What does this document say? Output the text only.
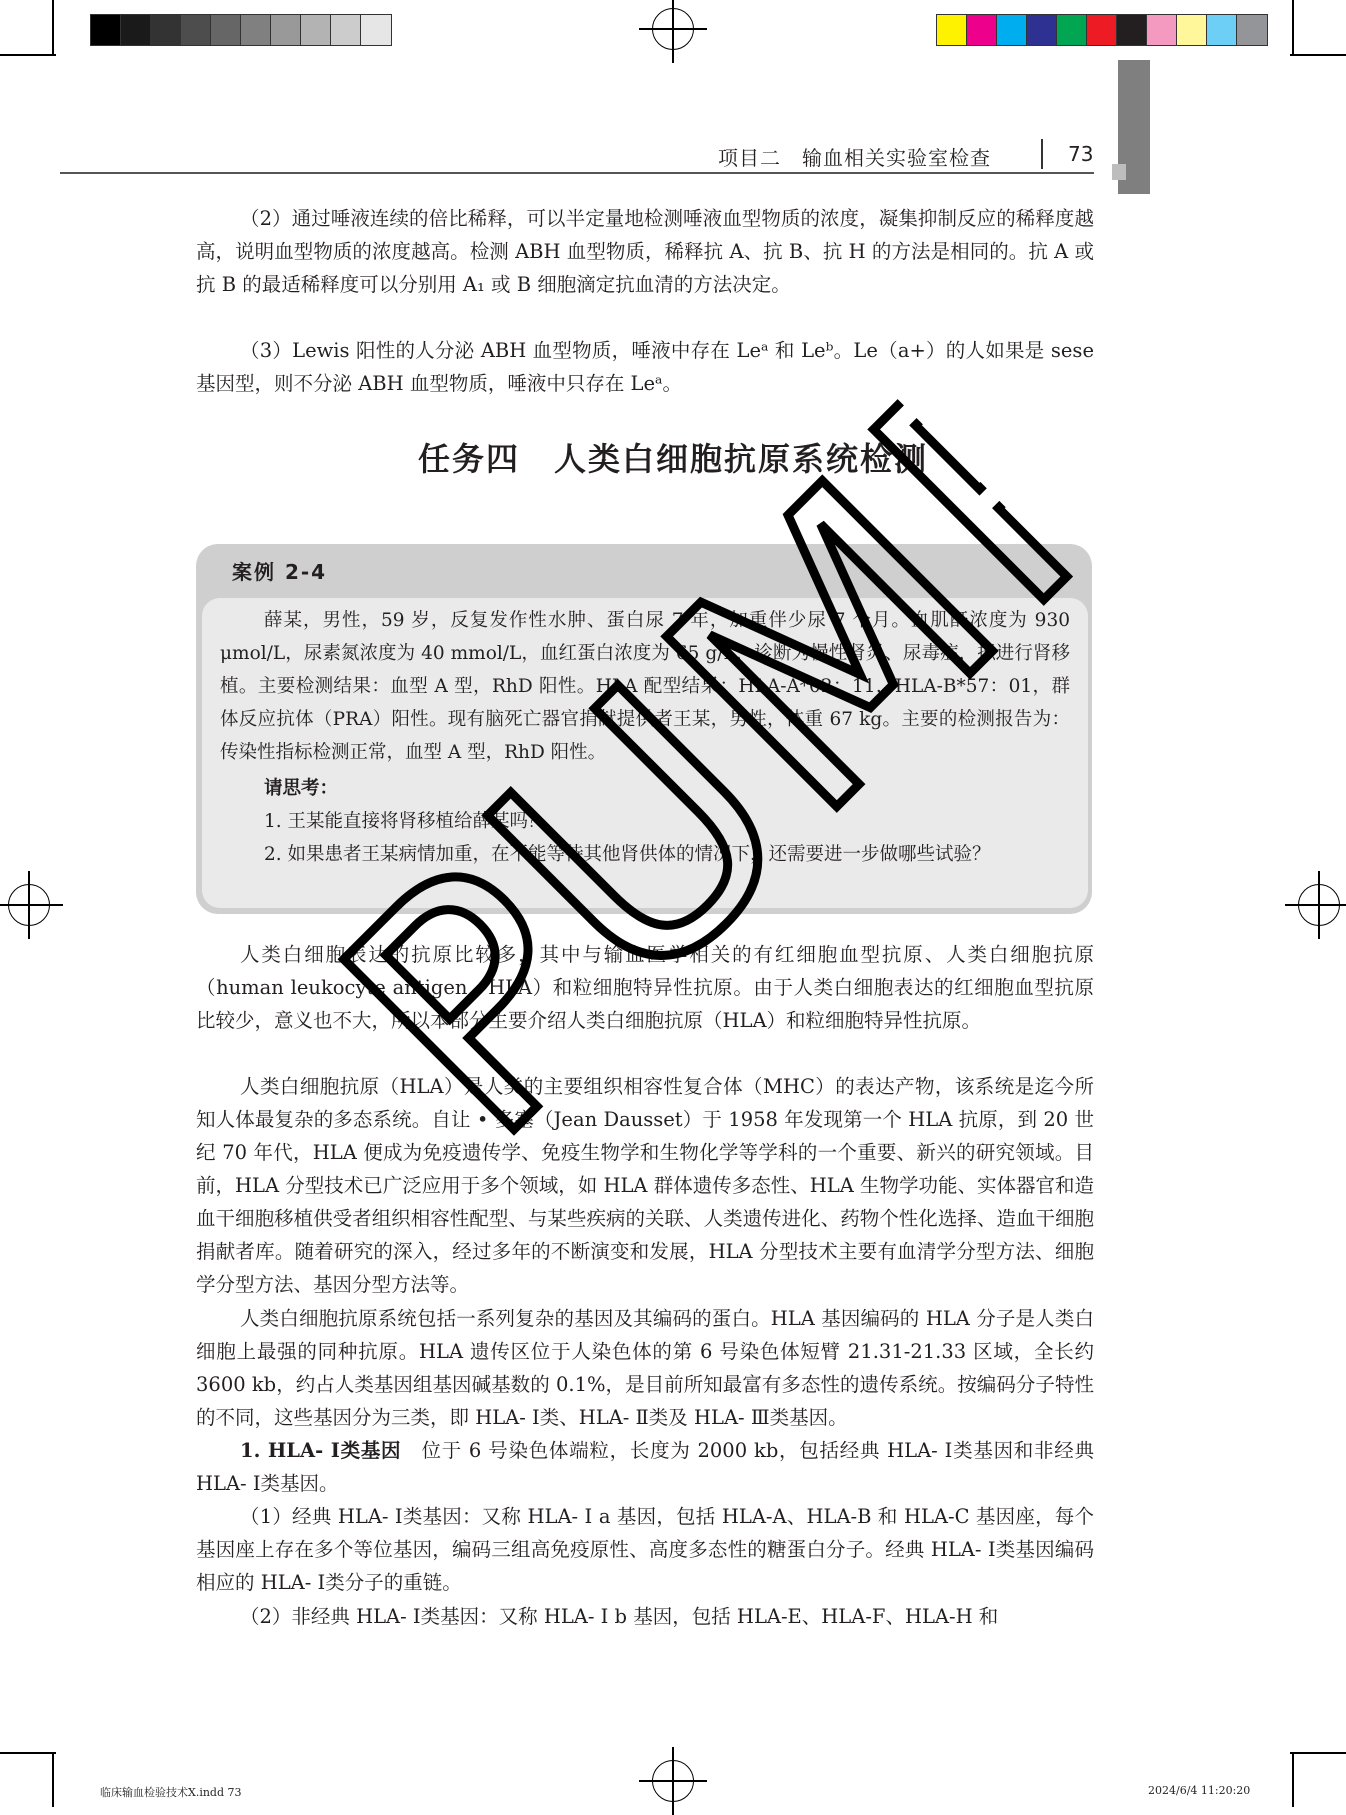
项目二　输血相关实验室检查	73
（2）通过唾液连续的倍比稀释，可以半定量地检测唾液血型物质的浓度，凝集抑制反应的稀释度越高，说明血型物质的浓度越高。检测 ABH 血型物质，稀释抗 A、抗 B、抗 H 的方法是相同的。抗 A 或抗 B 的最适稀释度可以分别用 A₁ 或 B 细胞滴定抗血清的方法决定。
（3）Lewis 阳性的人分泌 ABH 血型物质，唾液中存在 Leᵃ 和 Leᵇ。Le（a+）的人如果是 sese 基因型，则不分泌 ABH 血型物质，唾液中只存在 Leᵃ。
任务四　人类白细胞抗原系统检测
案例 2-4
薛某，男性，59 岁，反复发作性水肿、蛋白尿 7 年，加重伴少尿 7 个月。血肌酐浓度为 930 μmol/L，尿素氮浓度为 40 mmol/L，血红蛋白浓度为 65 g/L，诊断为慢性肾炎、尿毒症，拟进行肾移植。主要检测结果：血型 A 型，RhD 阳性。HLA 配型结果：HLA-A*02：11，HLA-B*57：01，群体反应抗体（PRA）阳性。现有脑死亡器官捐献提供者王某，男性，体重 67 kg。主要的检测报告为：传染性指标检测正常，血型 A 型，RhD 阳性。
请思考：
1. 王某能直接将肾移植给薛某吗？
2. 如果患者王某病情加重，在不能等待其他肾供体的情况下，还需要进一步做哪些试验？
人类白细胞表达的抗原比较多，其中与输血医学相关的有红细胞血型抗原、人类白细胞抗原（human leukocyte antigen，HLA）和粒细胞特异性抗原。由于人类白细胞表达的红细胞血型抗原比较少，意义也不大，所以本部分主要介绍人类白细胞抗原（HLA）和粒细胞特异性抗原。
人类白细胞抗原（HLA）是人类的主要组织相容性复合体（MHC）的表达产物，该系统是迄今所知人体最复杂的多态系统。自让 • 多塞（Jean Dausset）于 1958 年发现第一个 HLA 抗原，到 20 世纪 70 年代，HLA 便成为免疫遗传学、免疫生物学和生物化学等学科的一个重要、新兴的研究领域。目前，HLA 分型技术已广泛应用于多个领域，如 HLA 群体遗传多态性、HLA 生物学功能、实体器官和造血干细胞移植供受者组织相容性配型、与某些疾病的关联、人类遗传进化、药物个性化选择、造血干细胞捐献者库。随着研究的深入，经过多年的不断演变和发展，HLA 分型技术主要有血清学分型方法、细胞学分型方法、基因分型方法等。
人类白细胞抗原系统包括一系列复杂的基因及其编码的蛋白。HLA 基因编码的 HLA 分子是人类白细胞上最强的同种抗原。HLA 遗传区位于人染色体的第 6 号染色体短臂 21.31-21.33 区域，全长约 3600 kb，约占人类基因组基因碱基数的 0.1%，是目前所知最富有多态性的遗传系统。按编码分子特性的不同，这些基因分为三类，即 HLA- Ⅰ类、HLA- Ⅱ类及 HLA- Ⅲ类基因。
1. HLA- Ⅰ类基因　位于 6 号染色体端粒，长度为 2000 kb，包括经典 HLA- Ⅰ类基因和非经典 HLA- Ⅰ类基因。
（1）经典 HLA- Ⅰ类基因：又称 HLA- Ⅰ a 基因，包括 HLA-A、HLA-B 和 HLA-C 基因座，每个基因座上存在多个等位基因，编码三组高免疫原性、高度多态性的糖蛋白分子。经典 HLA- Ⅰ类基因编码相应的 HLA- Ⅰ类分子的重链。
（2）非经典 HLA- Ⅰ类基因：又称 HLA- Ⅰ b 基因，包括 HLA-E、HLA-F、HLA-H 和
PUMP
临床输血检验技术X.indd 73	2024/6/4 11:20:20
